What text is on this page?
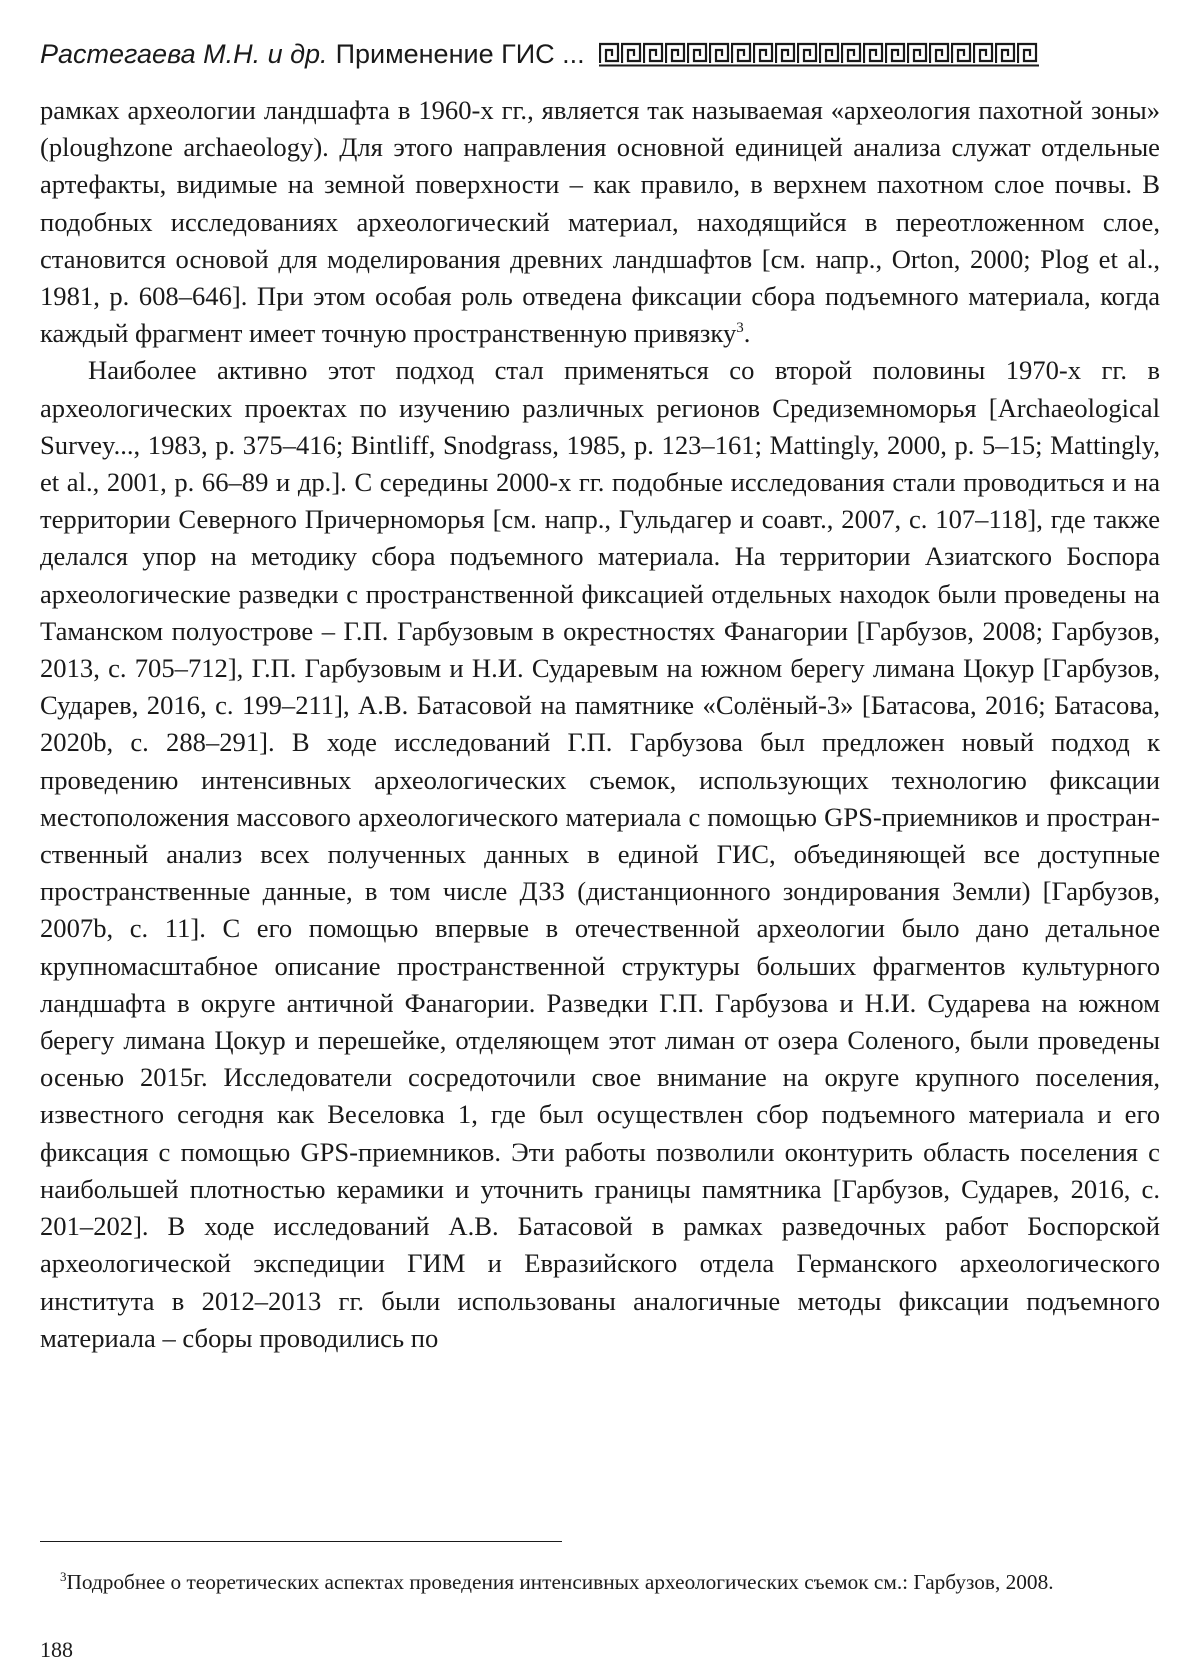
Растегаева М.Н. и др. Применение ГИС ...

рамках археологии ландшафта в 1960-х гг., является так называемая «археология пахотной зоны» (ploughzone archaeology). Для этого направления основной единицей анализа служат отдельные артефакты, видимые на земной поверхности – как правило, в верхнем пахотном слое почвы. В подобных исследованиях археологический материал, находящийся в переотложенном слое, становится основой для моделирования древних ландшафтов [см. напр., Orton, 2000; Plog et al., 1981, p. 608–646]. При этом особая роль отведена фиксации сбора подъемного материала, когда каждый фрагмент имеет точную пространственную привязку$^3$.

Наиболее активно этот подход стал применяться со второй половины 1970-х гг. в археологических проектах по изучению различных регионов Средиземноморья [Archaeological Survey..., 1983, p. 375–416; Bintliff, Snodgrass, 1985, p. 123–161; Mattingly, 2000, p. 5–15; Mattingly, et al., 2001, p. 66–89 и др.]. С середины 2000-х гг. подобные исследования стали проводиться и на территории Северного Причерноморья [см. напр., Гульдагер и соавт., 2007, с. 107–118], где также делался упор на методику сбора подъемного материала. На территории Азиатского Боспора археологические разведки с пространственной фиксацией отдельных находок были проведены на Таманском полуострове – Г.П. Гарбузовым в окрестностях Фанагории [Гарбузов, 2008; Гарбузов, 2013, с. 705–712], Г.П. Гарбузовым и Н.И. Сударевым на южном берегу лимана Цокур [Гарбузов, Сударев, 2016, с. 199–211], А.В. Батасовой на памятнике «Солёный-3» [Батасова, 2016; Батасова, 2020b, с. 288–291]. В ходе исследований Г.П. Гарбузова был предложен новый подход к проведению интенсивных археологических съемок, использующих технологию фиксации местоположения массового археологического материала с помощью GPS-приемников и пространственный анализ всех полученных данных в единой ГИС, объединяющей все доступные пространственные данные, в том числе ДЗЗ (дистанционного зондирования Земли) [Гарбузов, 2007b, с. 11]. С его помощью впервые в отечественной археологии было дано детальное крупномасштабное описание пространственной структуры больших фрагментов культурного ландшафта в округе античной Фанагории. Разведки Г.П. Гарбузова и Н.И. Сударева на южном берегу лимана Цокур и перешейке, отделяющем этот лиман от озера Соленого, были проведены осенью 2015г. Исследователи сосредоточили свое внимание на округе крупного поселения, известного сегодня как Веселовка 1, где был осуществлен сбор подъемного материала и его фиксация с помощью GPS-приемников. Эти работы позволили оконтурить область поселения с наибольшей плотностью керамики и уточнить границы памятника [Гарбузов, Сударев, 2016, с. 201–202]. В ходе исследований А.В. Батасовой в рамках разведочных работ Боспорской археологической экспедиции ГИМ и Евразийского отдела Германского археологического института в 2012–2013 гг. были использованы аналогичные методы фиксации подъемного материала – сборы проводились по

$^3$Подробнее о теоретических аспектах проведения интенсивных археологических съемок см.: Гарбузов, 2008.
188
